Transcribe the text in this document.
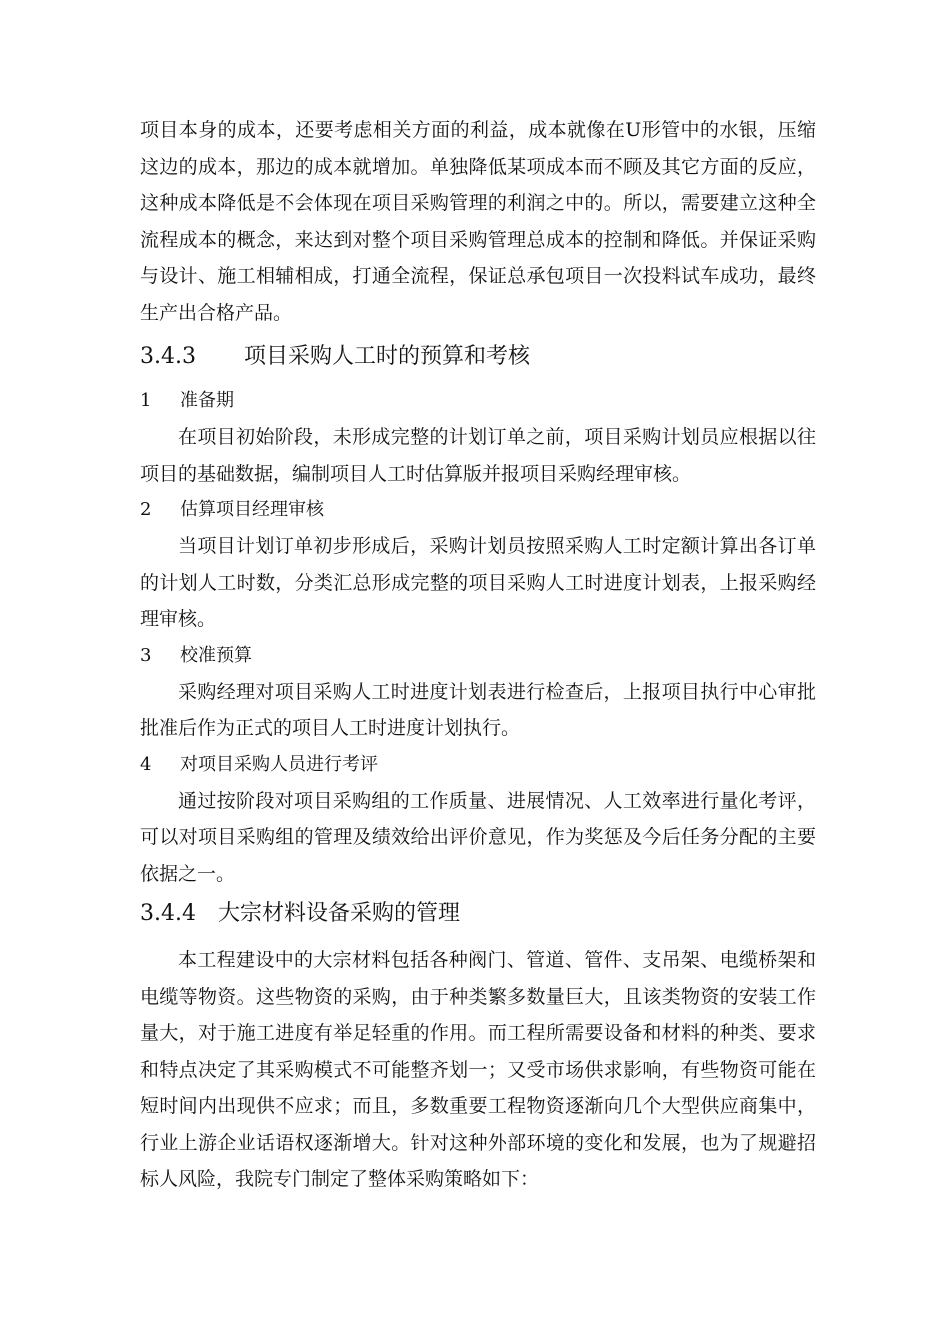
项目本身的成本，还要考虑相关方面的利益，成本就像在U形管中的水银，压缩这边的成本，那边的成本就增加。单独降低某项成本而不顾及其它方面的反应，这种成本降低是不会体现在项目采购管理的利润之中的。所以，需要建立这种全流程成本的概念，来达到对整个项目采购管理总成本的控制和降低。并保证采购与设计、施工相辅相成，打通全流程，保证总承包项目一次投料试车成功，最终生产出合格产品。

3.4.3 项目采购人工时的预算和考核
1 准备期

在项目初始阶段，未形成完整的计划订单之前，项目采购计划员应根据以往项目的基础数据，编制项目人工时估算版并报项目采购经理审核。

2 估算项目经理审核

当项目计划订单初步形成后，采购计划员按照采购人工时定额计算出各订单的计划人工时数，分类汇总形成完整的项目采购人工时进度计划表，上报采购经理审核。

3 校准预算

采购经理对项目采购人工时进度计划表进行检查后，上报项目执行中心审批批准后作为正式的项目人工时进度计划执行。

4 对项目采购人员进行考评

通过按阶段对项目采购组的工作质量、进展情况、人工效率进行量化考评，可以对项目采购组的管理及绩效给出评价意见，作为奖惩及今后任务分配的主要依据之一。

3.4.4 大宗材料设备采购的管理

本工程建设中的大宗材料包括各种阀门、管道、管件、支吊架、电缆桥架和电缆等物资。这些物资的采购，由于种类繁多数量巨大，且该类物资的安装工作量大，对于施工进度有举足轻重的作用。而工程所需要设备和材料的种类、要求和特点决定了其采购模式不可能整齐划一；又受市场供求影响，有些物资可能在短时间内出现供不应求；而且，多数重要工程物资逐渐向几个大型供应商集中，行业上游企业话语权逐渐增大。针对这种外部环境的变化和发展，也为了规避招标人风险，我院专门制定了整体采购策略如下：
